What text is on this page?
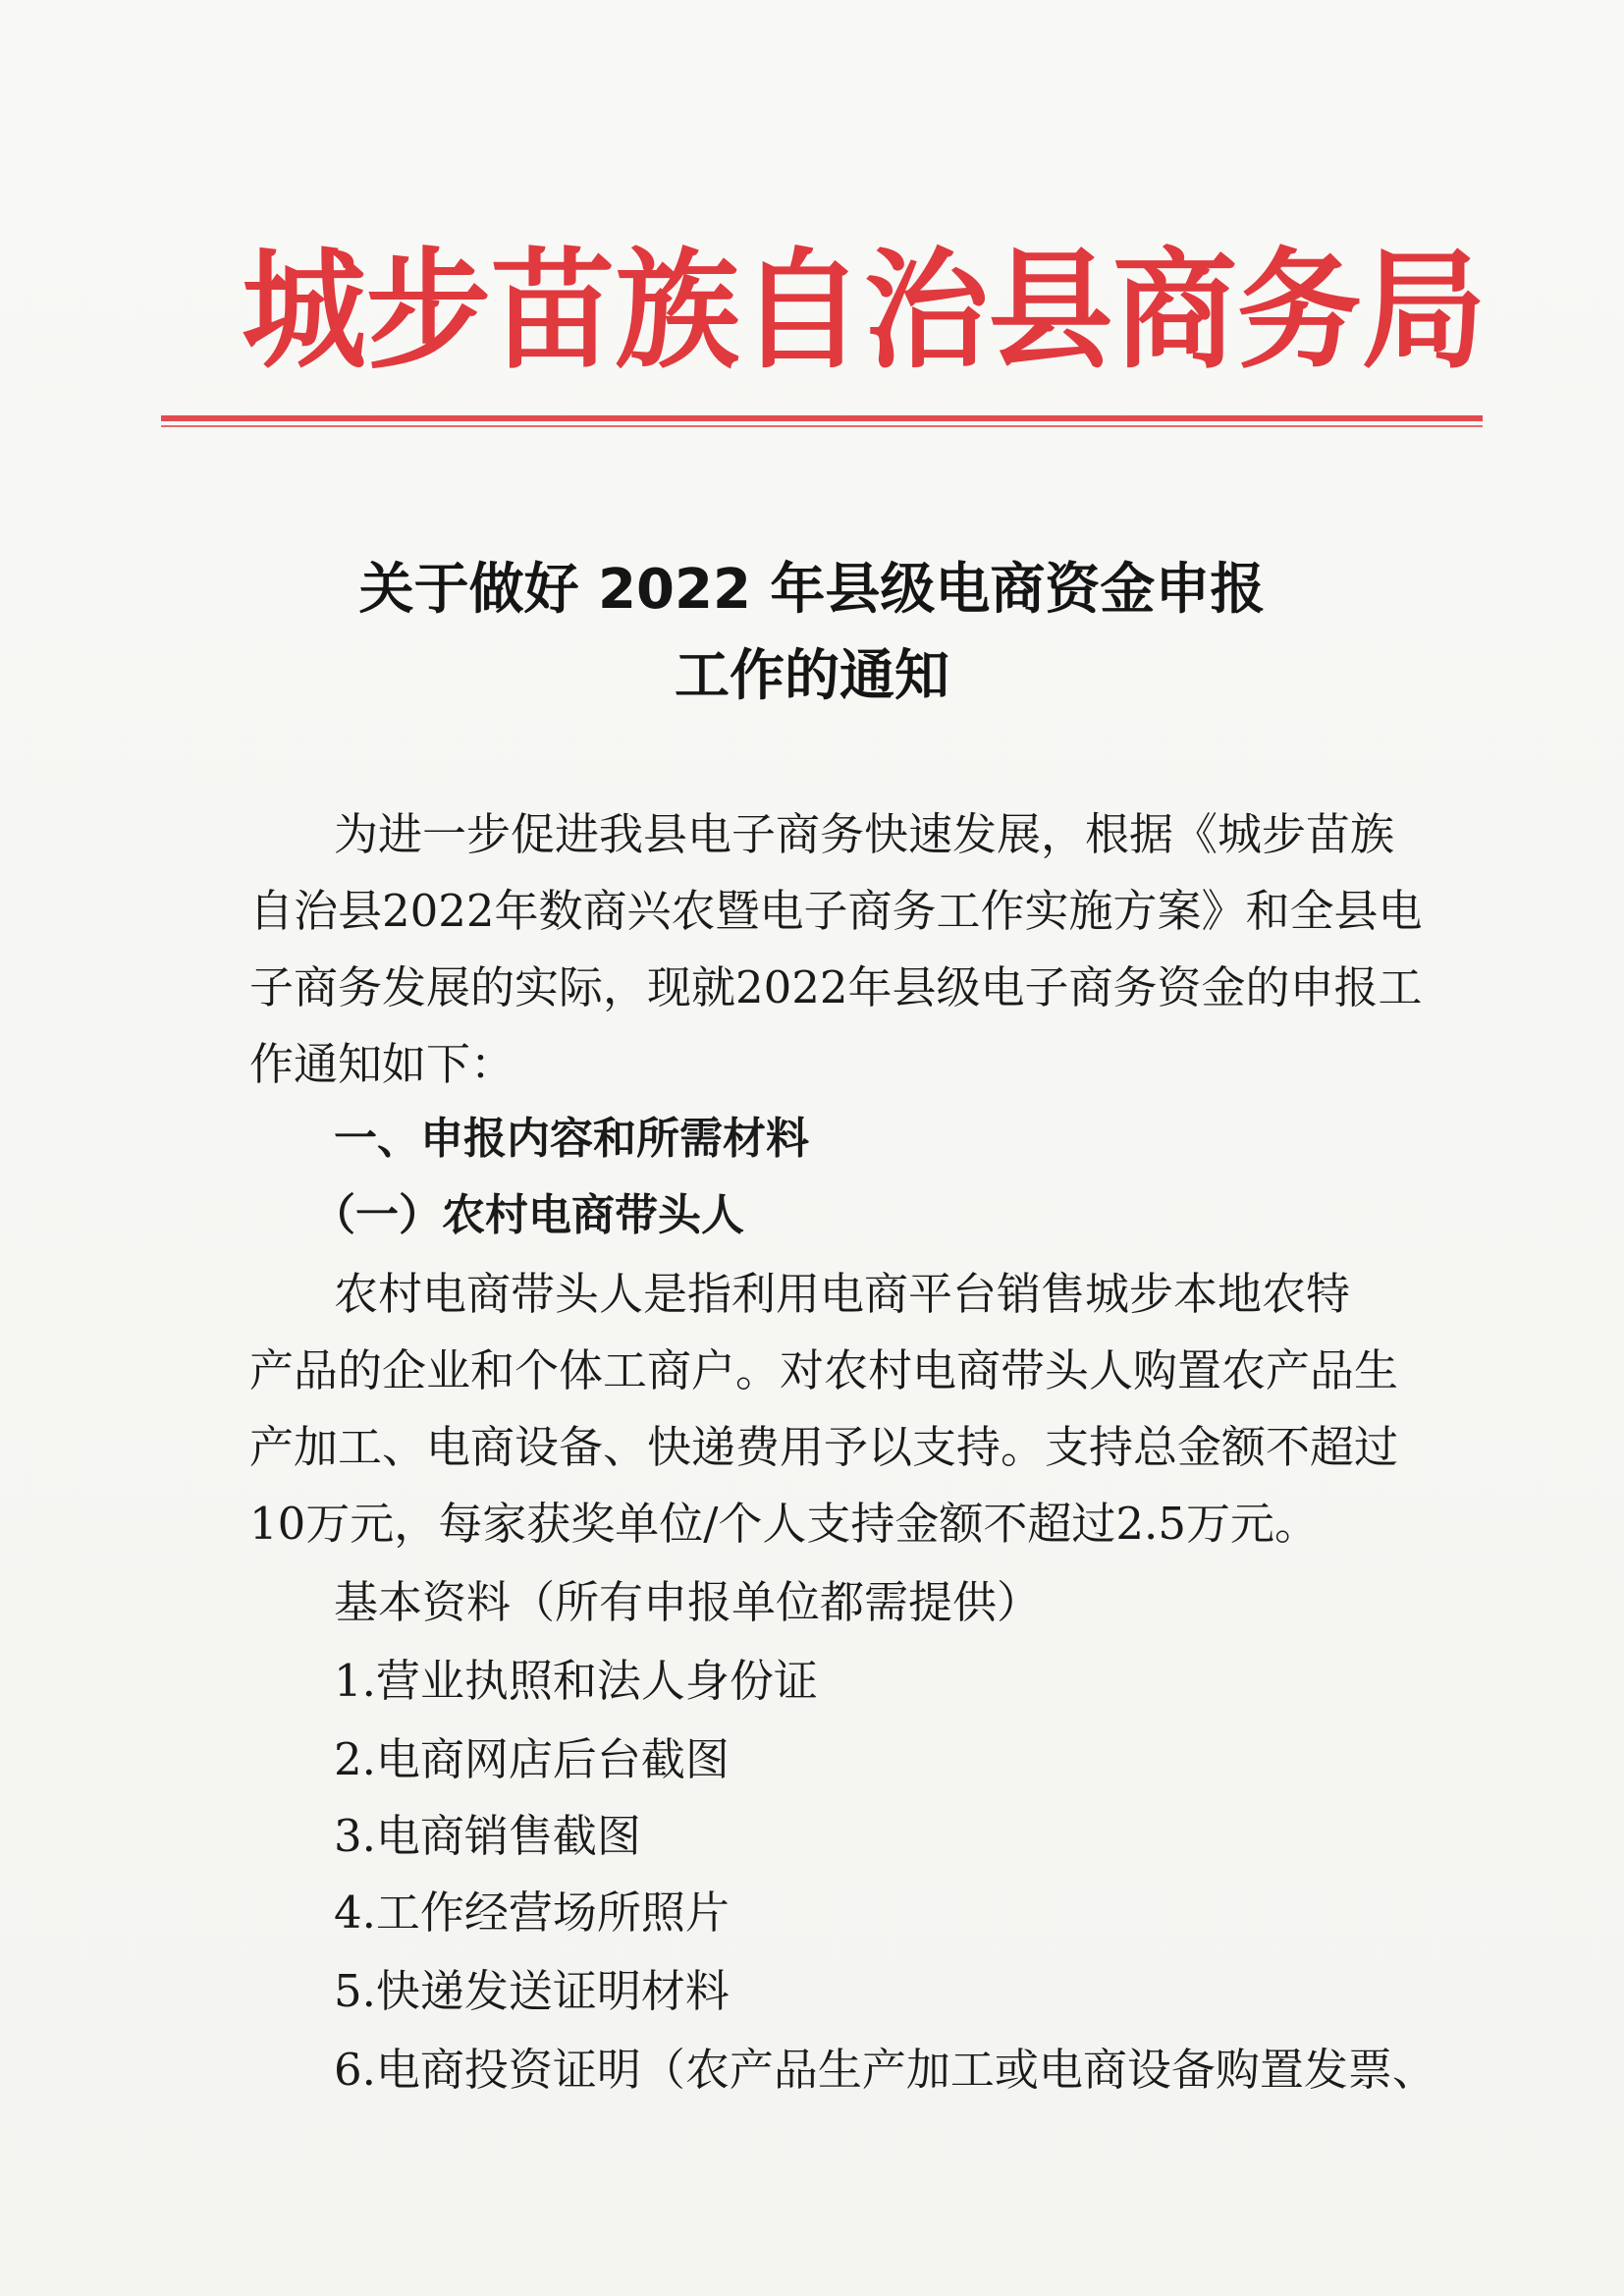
城步苗族自治县商务局
关于做好 2022 年县级电商资金申报
工作的通知
为进一步促进我县电子商务快速发展，根据《城步苗族
自治县2022年数商兴农暨电子商务工作实施方案》和全县电
子商务发展的实际，现就2022年县级电子商务资金的申报工
作通知如下：
一、申报内容和所需材料
（一）农村电商带头人
农村电商带头人是指利用电商平台销售城步本地农特
产品的企业和个体工商户。对农村电商带头人购置农产品生
产加工、电商设备、快递费用予以支持。支持总金额不超过
10万元，每家获奖单位/个人支持金额不超过2.5万元。
基本资料（所有申报单位都需提供）
1.营业执照和法人身份证
2.电商网店后台截图
3.电商销售截图
4.工作经营场所照片
5.快递发送证明材料
6.电商投资证明（农产品生产加工或电商设备购置发票、
